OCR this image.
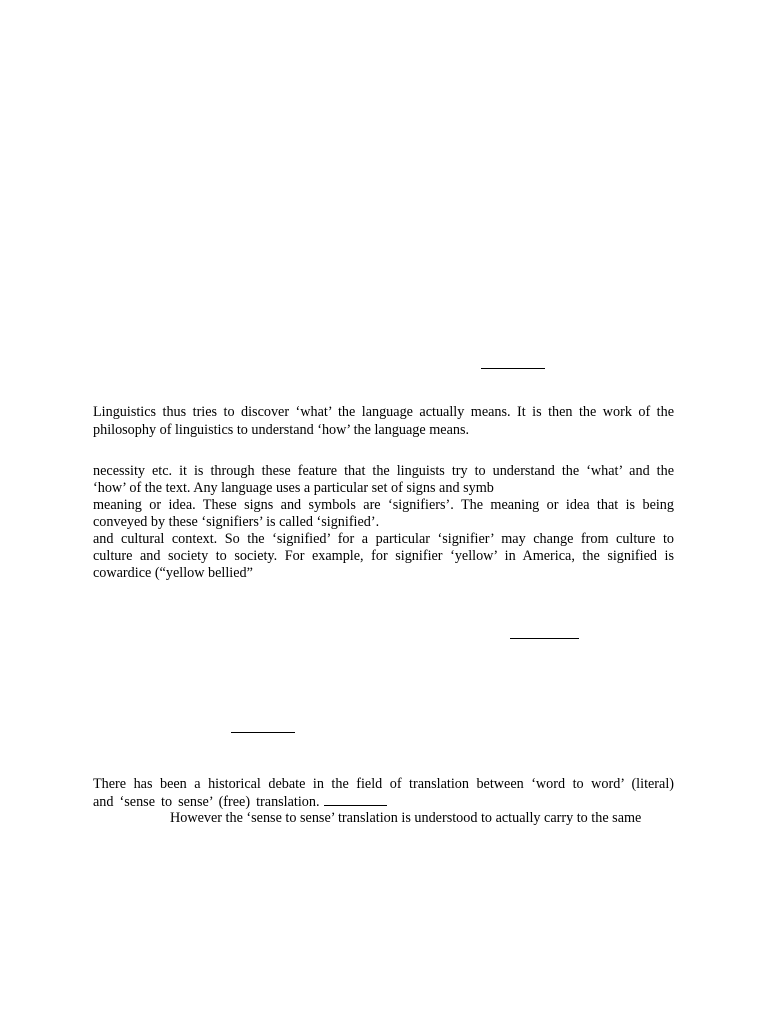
Linguistics thus tries to discover ‘what’ the language actually means. It is then the work of the
philosophy of linguistics to understand ‘how’ the language means.
necessity etc. it is through these feature that the linguists try to understand the ‘what’ and the
‘how’ of the text. Any language uses a particular set of signs and symb
meaning or idea. These signs and symbols are ‘signifiers’. The meaning or idea that is being
conveyed by these ‘signifiers’ is called ‘signified’.
and cultural context. So the ‘signified’ for a particular ‘signifier’ may change from culture to
culture and society to society. For example, for signifier ‘yellow’ in America, the signified is
cowardice (“yellow bellied”
There has been a historical debate in the field of translation between ‘word to word’ (literal)
and ‘sense to sense’ (free) translation.
However the ‘sense to sense’ translation is understood to actually carry to the same
